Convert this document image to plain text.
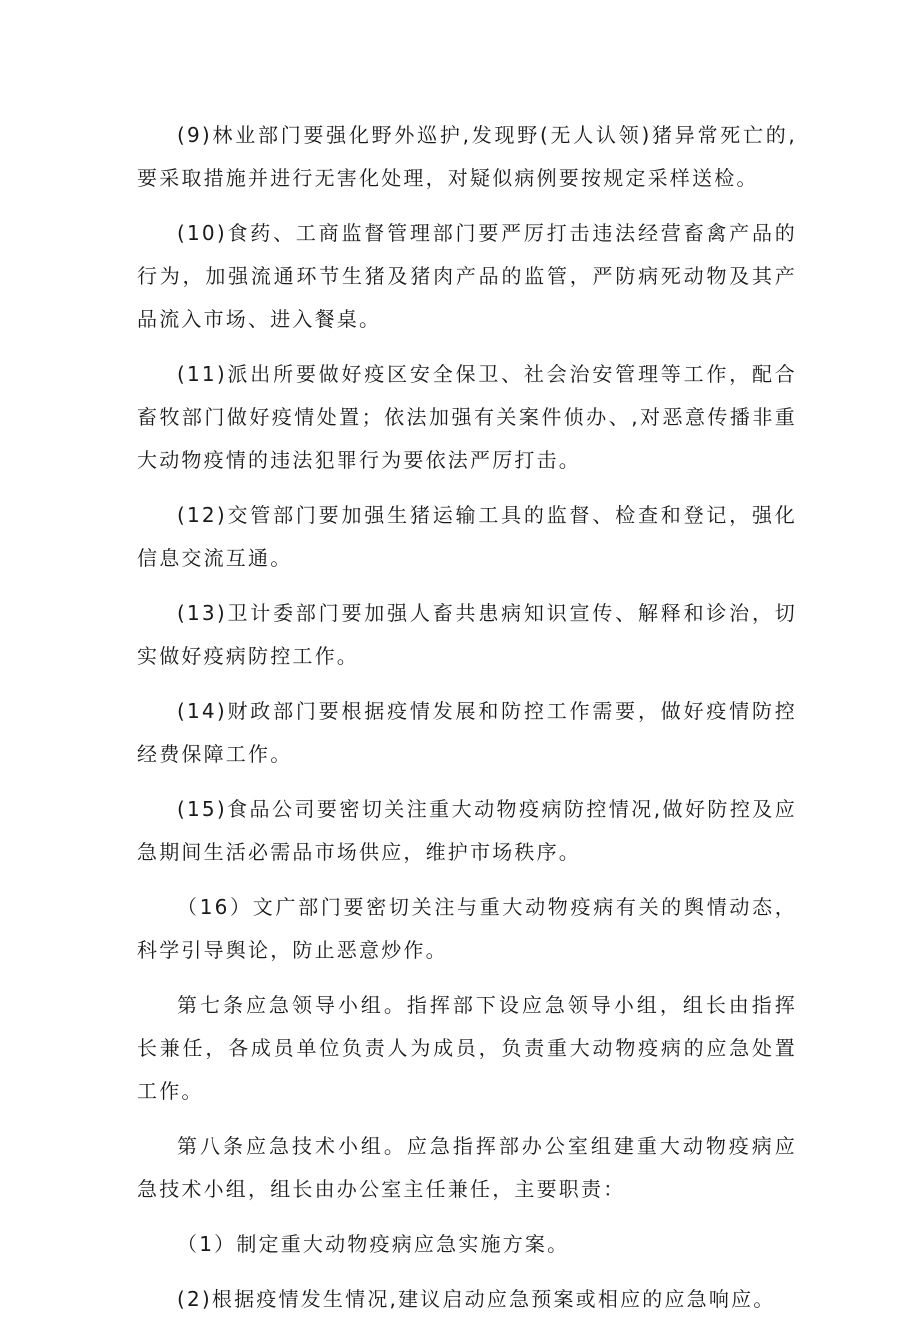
(9)林业部门要强化野外巡护,发现野(无人认领)猪异常死亡的,要采取措施并进行无害化处理，对疑似病例要按规定采样送检。

(10)食药、工商监督管理部门要严厉打击违法经营畜禽产品的行为，加强流通环节生猪及猪肉产品的监管，严防病死动物及其产品流入市场、进入餐桌。

(11)派出所要做好疫区安全保卫、社会治安管理等工作，配合畜牧部门做好疫情处置；依法加强有关案件侦办、,对恶意传播非重大动物疫情的违法犯罪行为要依法严厉打击。

(12)交管部门要加强生猪运输工具的监督、检查和登记，强化信息交流互通。

(13)卫计委部门要加强人畜共患病知识宣传、解释和诊治，切实做好疫病防控工作。

(14)财政部门要根据疫情发展和防控工作需要，做好疫情防控经费保障工作。

(15)食品公司要密切关注重大动物疫病防控情况,做好防控及应急期间生活必需品市场供应，维护市场秩序。

（16）文广部门要密切关注与重大动物疫病有关的舆情动态，科学引导舆论，防止恶意炒作。

第七条应急领导小组。指挥部下设应急领导小组，组长由指挥长兼任，各成员单位负责人为成员，负责重大动物疫病的应急处置工作。

第八条应急技术小组。应急指挥部办公室组建重大动物疫病应急技术小组，组长由办公室主任兼任，主要职责：

（1）制定重大动物疫病应急实施方案。

(2)根据疫情发生情况,建议启动应急预案或相应的应急响应。
